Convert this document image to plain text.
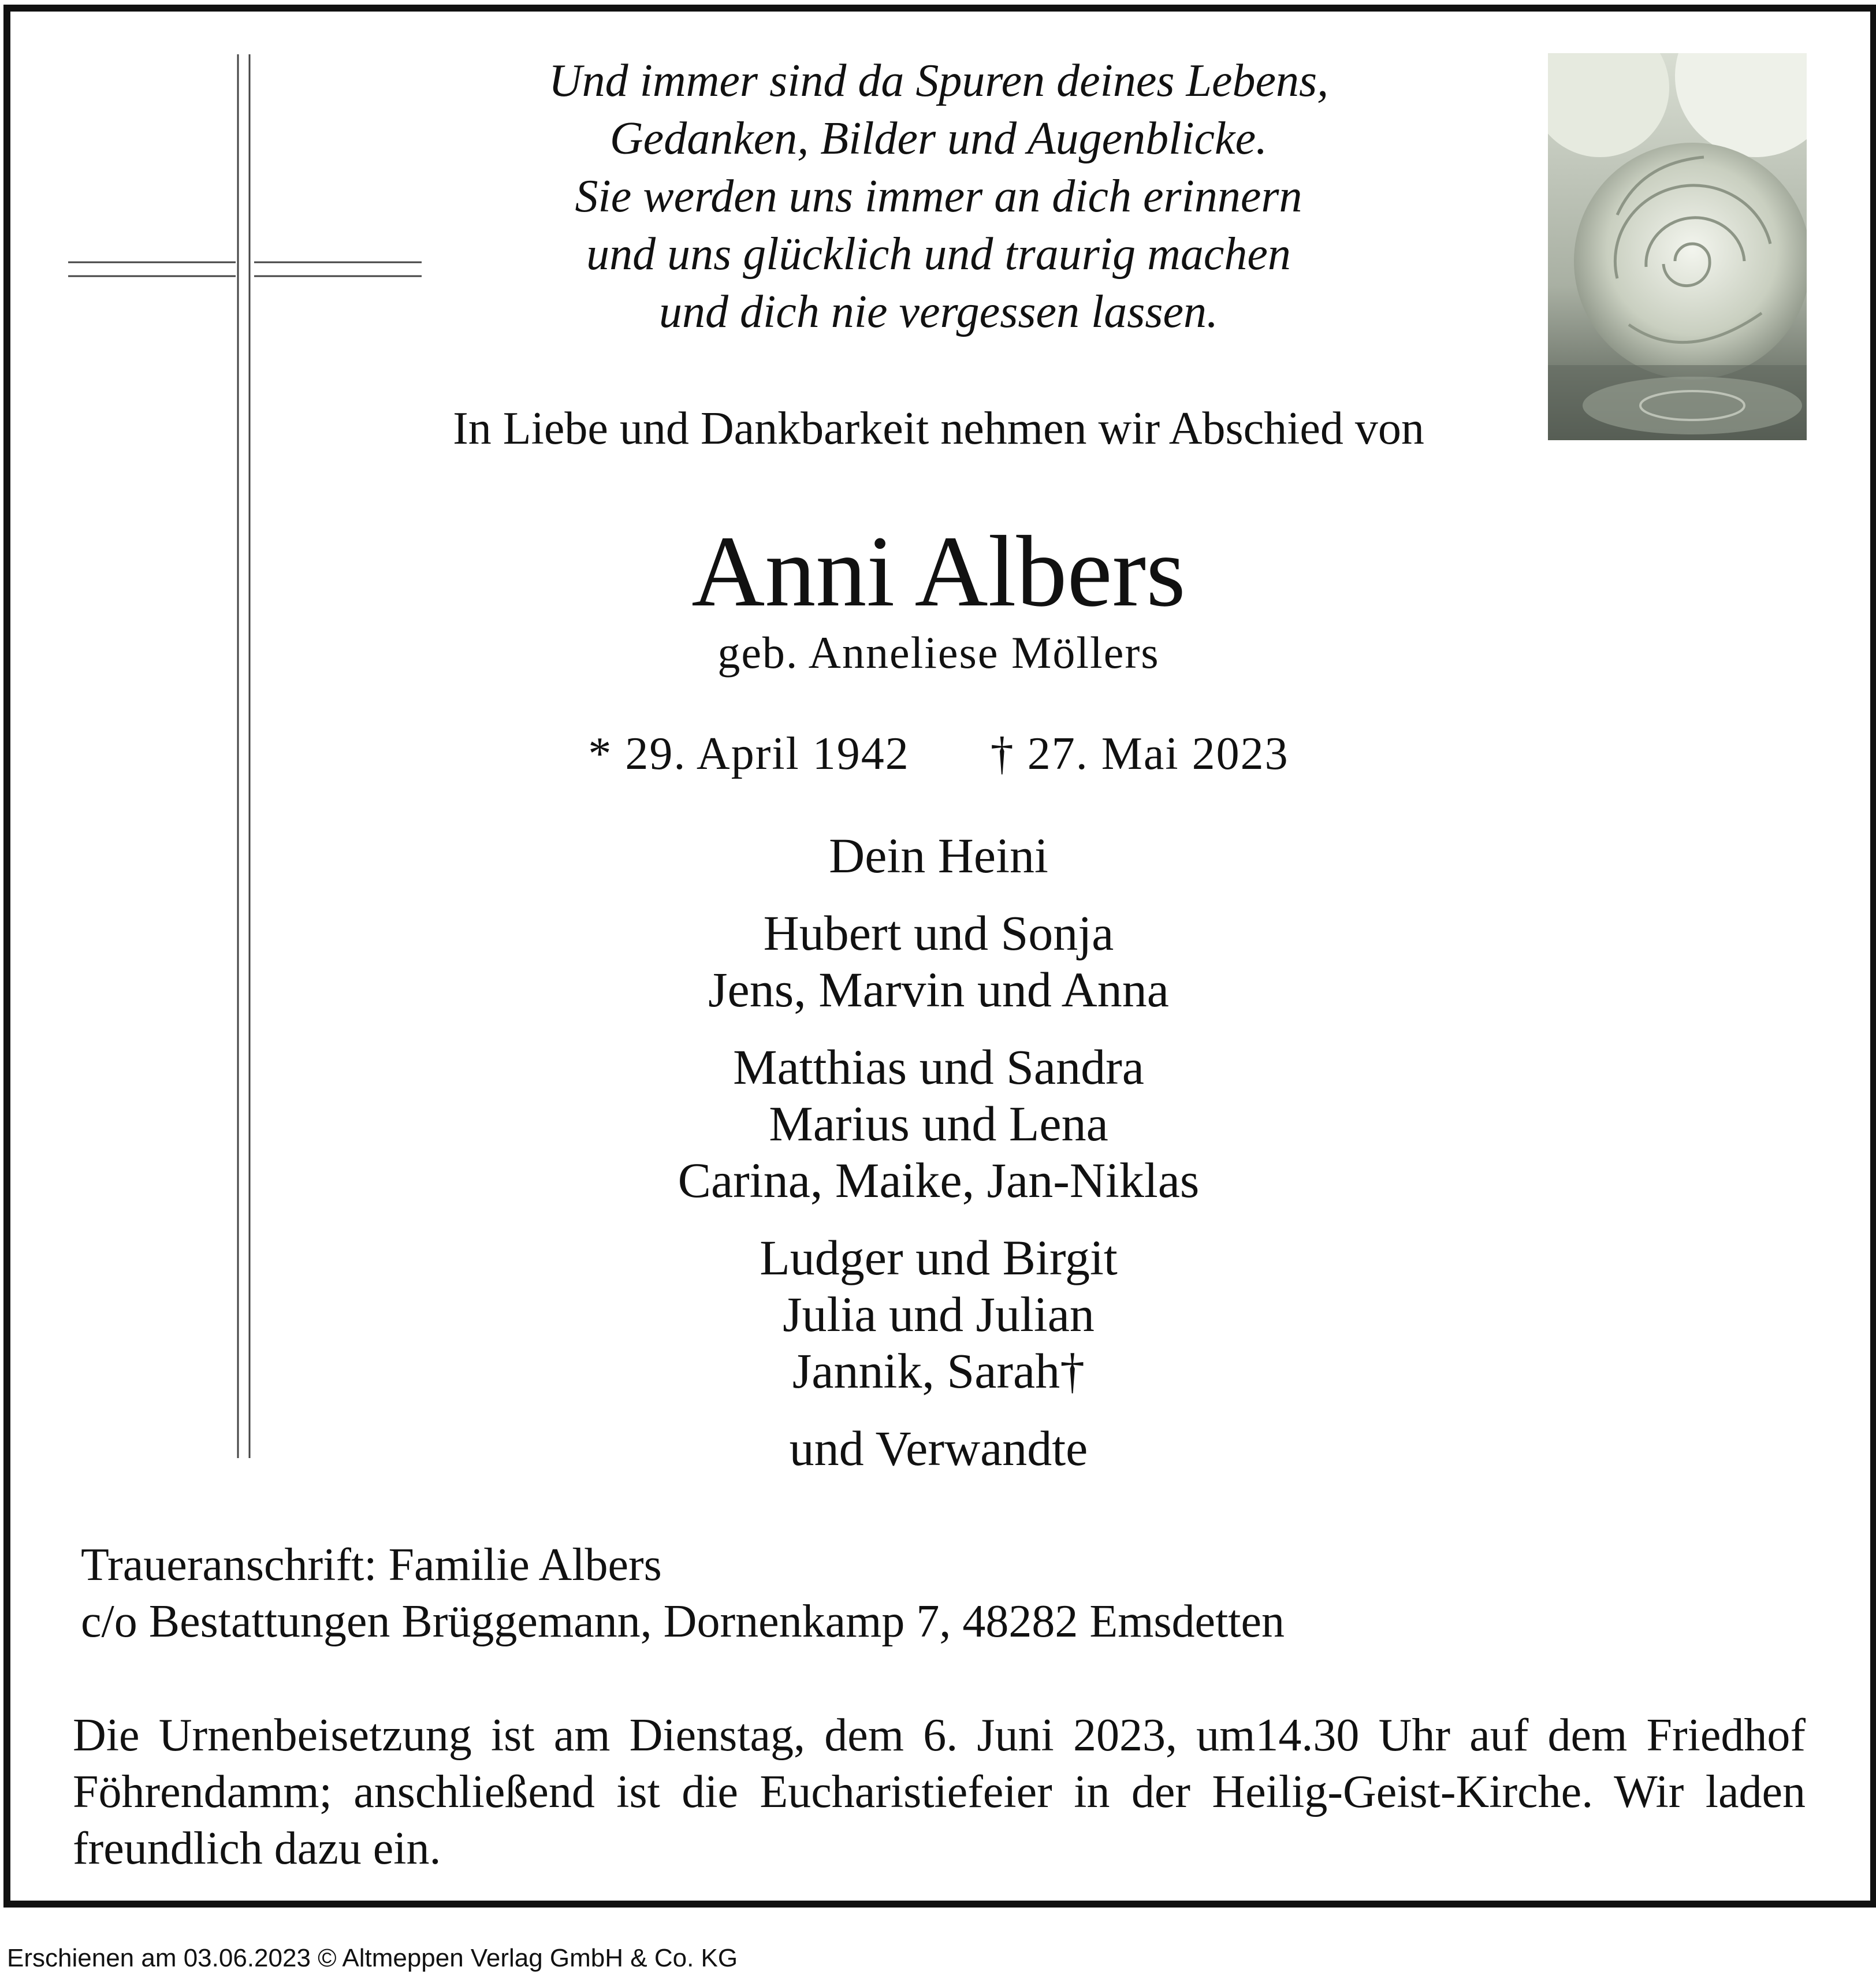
Und immer sind da Spuren deines Lebens,
Gedanken, Bilder und Augenblicke.
Sie werden uns immer an dich erinnern
und uns glücklich und traurig machen
und dich nie vergessen lassen.
In Liebe und Dankbarkeit nehmen wir Abschied von
Anni Albers
geb. Anneliese Möllers
* 29. April 1942 † 27. Mai 2023
Dein Heini
Hubert und Sonja
Jens, Marvin und Anna
Matthias und Sandra
Marius und Lena
Carina, Maike, Jan-Niklas
Ludger und Birgit
Julia und Julian
Jannik, Sarah†
und Verwandte
Traueranschrift: Familie Albers
c/o Bestattungen Brüggemann, Dornenkamp 7, 48282 Emsdetten
Die Urnenbeisetzung ist am Dienstag, dem 6. Juni 2023, um14.30 Uhr auf dem Friedhof Föhrendamm; anschließend ist die Eucharistiefeier in der Heilig-Geist-Kirche. Wir laden freundlich dazu ein.
Erschienen am 03.06.2023 © Altmeppen Verlag GmbH & Co. KG
